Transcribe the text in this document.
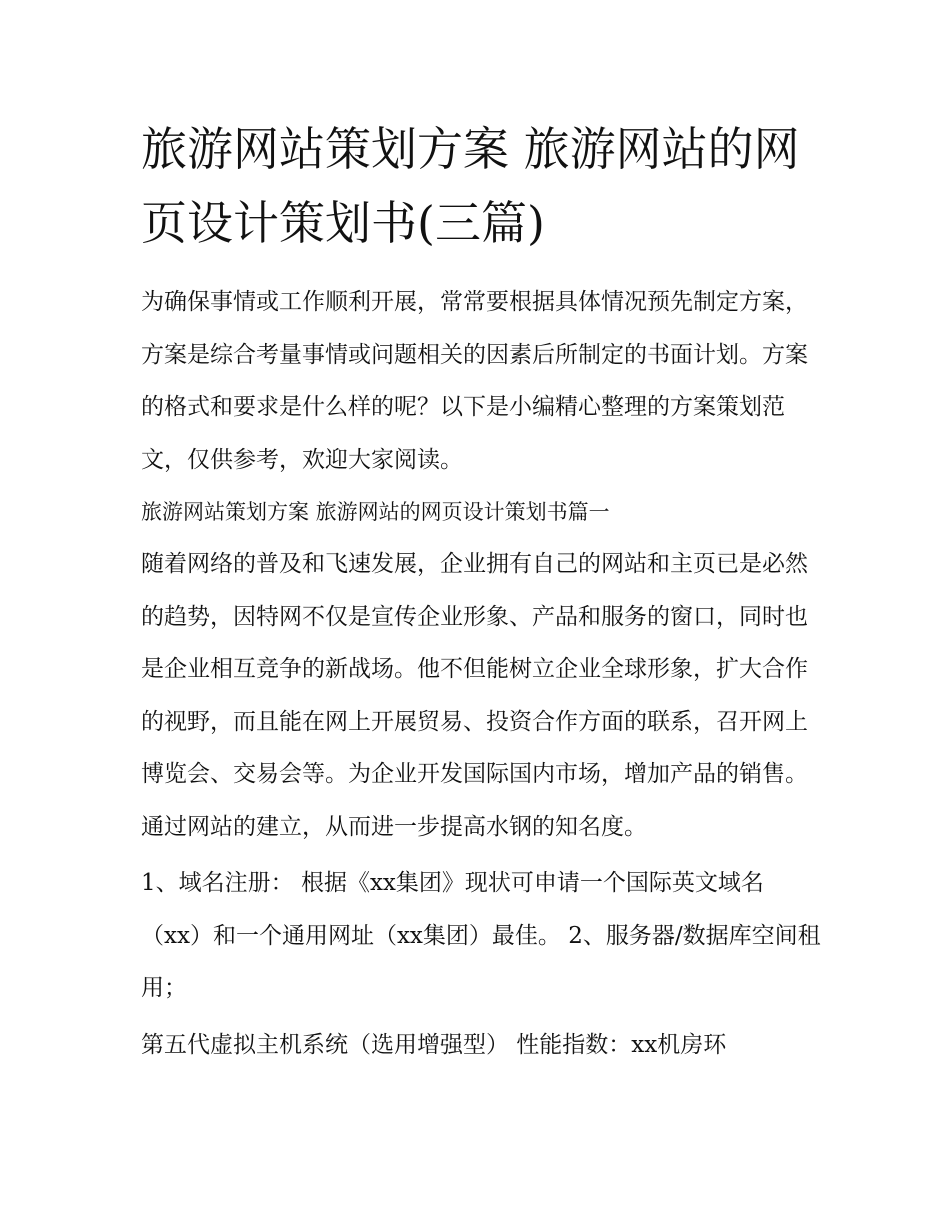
旅游网站策划方案 旅游网站的网页设计策划书(三篇)

为确保事情或工作顺利开展，常常要根据具体情况预先制定方案，方案是综合考量事情或问题相关的因素后所制定的书面计划。方案的格式和要求是什么样的呢？以下是小编精心整理的方案策划范文，仅供参考，欢迎大家阅读。

旅游网站策划方案 旅游网站的网页设计策划书篇一

随着网络的普及和飞速发展，企业拥有自己的网站和主页已是必然的趋势，因特网不仅是宣传企业形象、产品和服务的窗口，同时也是企业相互竞争的新战场。他不但能树立企业全球形象，扩大合作的视野，而且能在网上开展贸易、投资合作方面的联系，召开网上博览会、交易会等。为企业开发国际国内市场，增加产品的销售。通过网站的建立，从而进一步提高水钢的知名度。

1、域名注册： 根据《xx集团》现状可申请一个国际英文域名（xx）和一个通用网址（xx集团）最佳。 2、服务器/数据库空间租用；

第五代虚拟主机系统（选用增强型） 性能指数：xx机房环
